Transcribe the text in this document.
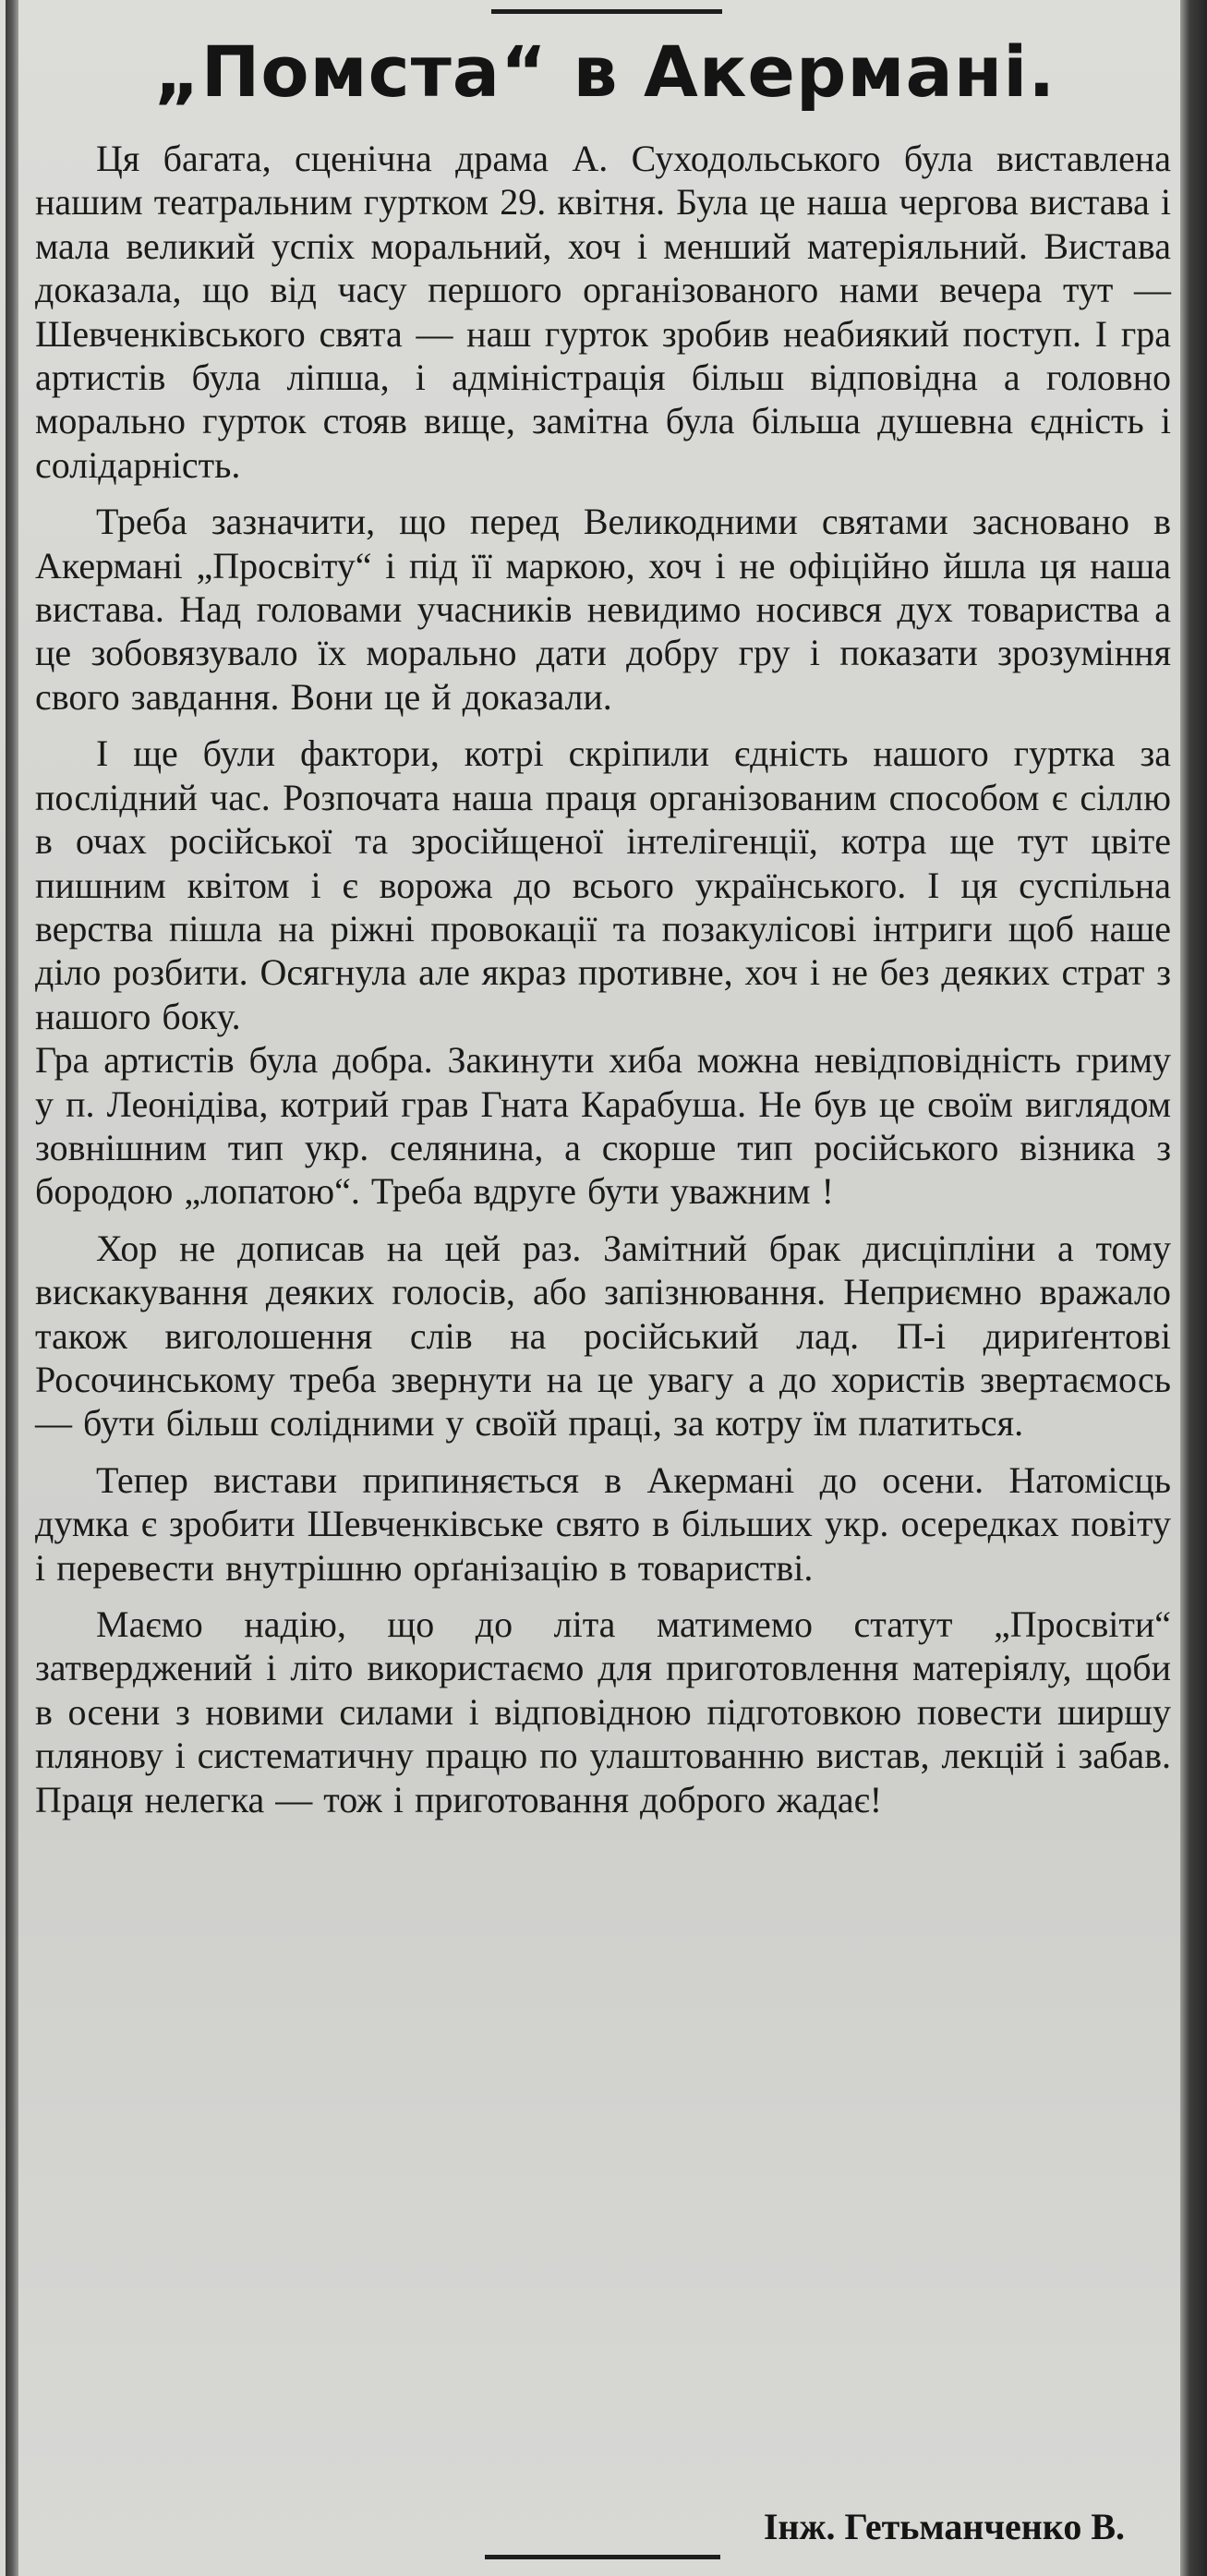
„Помста“ в Акермані.

Ця багата, сценічна драма А. Суходольського була виставлена нашим театральним гуртком 29. квітня. Була це наша чергова вистава і мала великий успіх моральний, хоч і менший матеріяльний. Вистава доказала, що від часу першого організованого нами вечера тут — Шевченківського свята — наш гурток зробив неабиякий поступ. І гра артистів була ліпша, і адміністрація більш відповідна а головно морально гурток стояв вище, замітна була більша душевна єдність і солідарність.

Треба зазначити, що перед Великодними святами засновано в Акермані „Просвіту“ і під її маркою, хоч і не офіційно йшла ця наша вистава. Над головами учасників невидимо носився дух товариства а це зобовязувало їх морально дати добру гру і показати зрозуміння свого завдання. Вони це й доказали.

І ще були фактори, котрі скріпили єдність нашого гуртка за послідний час. Розпочата наша праця організованим способом є сіллю в очах російської та зросійщеної інтелігенції, котра ще тут цвіте пишним квітом і є ворожа до всього українського. І ця суспільна верства пішла на ріжні провокації та позакулісові інтриги щоб наше діло розбити. Осягнула але якраз противне, хоч і не без деяких страт з нашого боку.

Гра артистів була добра. Закинути хиба можна невідповідність гриму у п. Леонідіва, котрий грав Гната Карабуша. Не був це своїм виглядом зовнішним тип укр. селянина, а скорше тип російського візника з бородою „лопатою“. Треба вдруге бути уважним !

Хор не дописав на цей раз. Замітний брак дисціпліни а тому вискакування деяких голосів, або запізнювання. Неприємно вражало також виголошення слів на російський лад. П-і дириґентові Росочинському треба звернути на це увагу а до хористів звертаємось — бути більш солідними у своїй праці, за котру їм платиться.

Тепер вистави припиняється в Акермані до осени. Натомісць думка є зробити Шевченківське свято в більших укр. осередках повіту і перевести внутрішню орґанізацію в товаристві.

Маємо надію, що до літа матимемо статут „Просвіти“ затверджений і літо використаємо для приготовлення матеріялу, щоби в осени з новими силами і відповідною підготовкою повести ширшу плянову і систематичну працю по улаштованню вистав, лекцій і забав. Праця нелегка — тож і приготовання доброго жадає!

Інж. Гетьманченко В.
